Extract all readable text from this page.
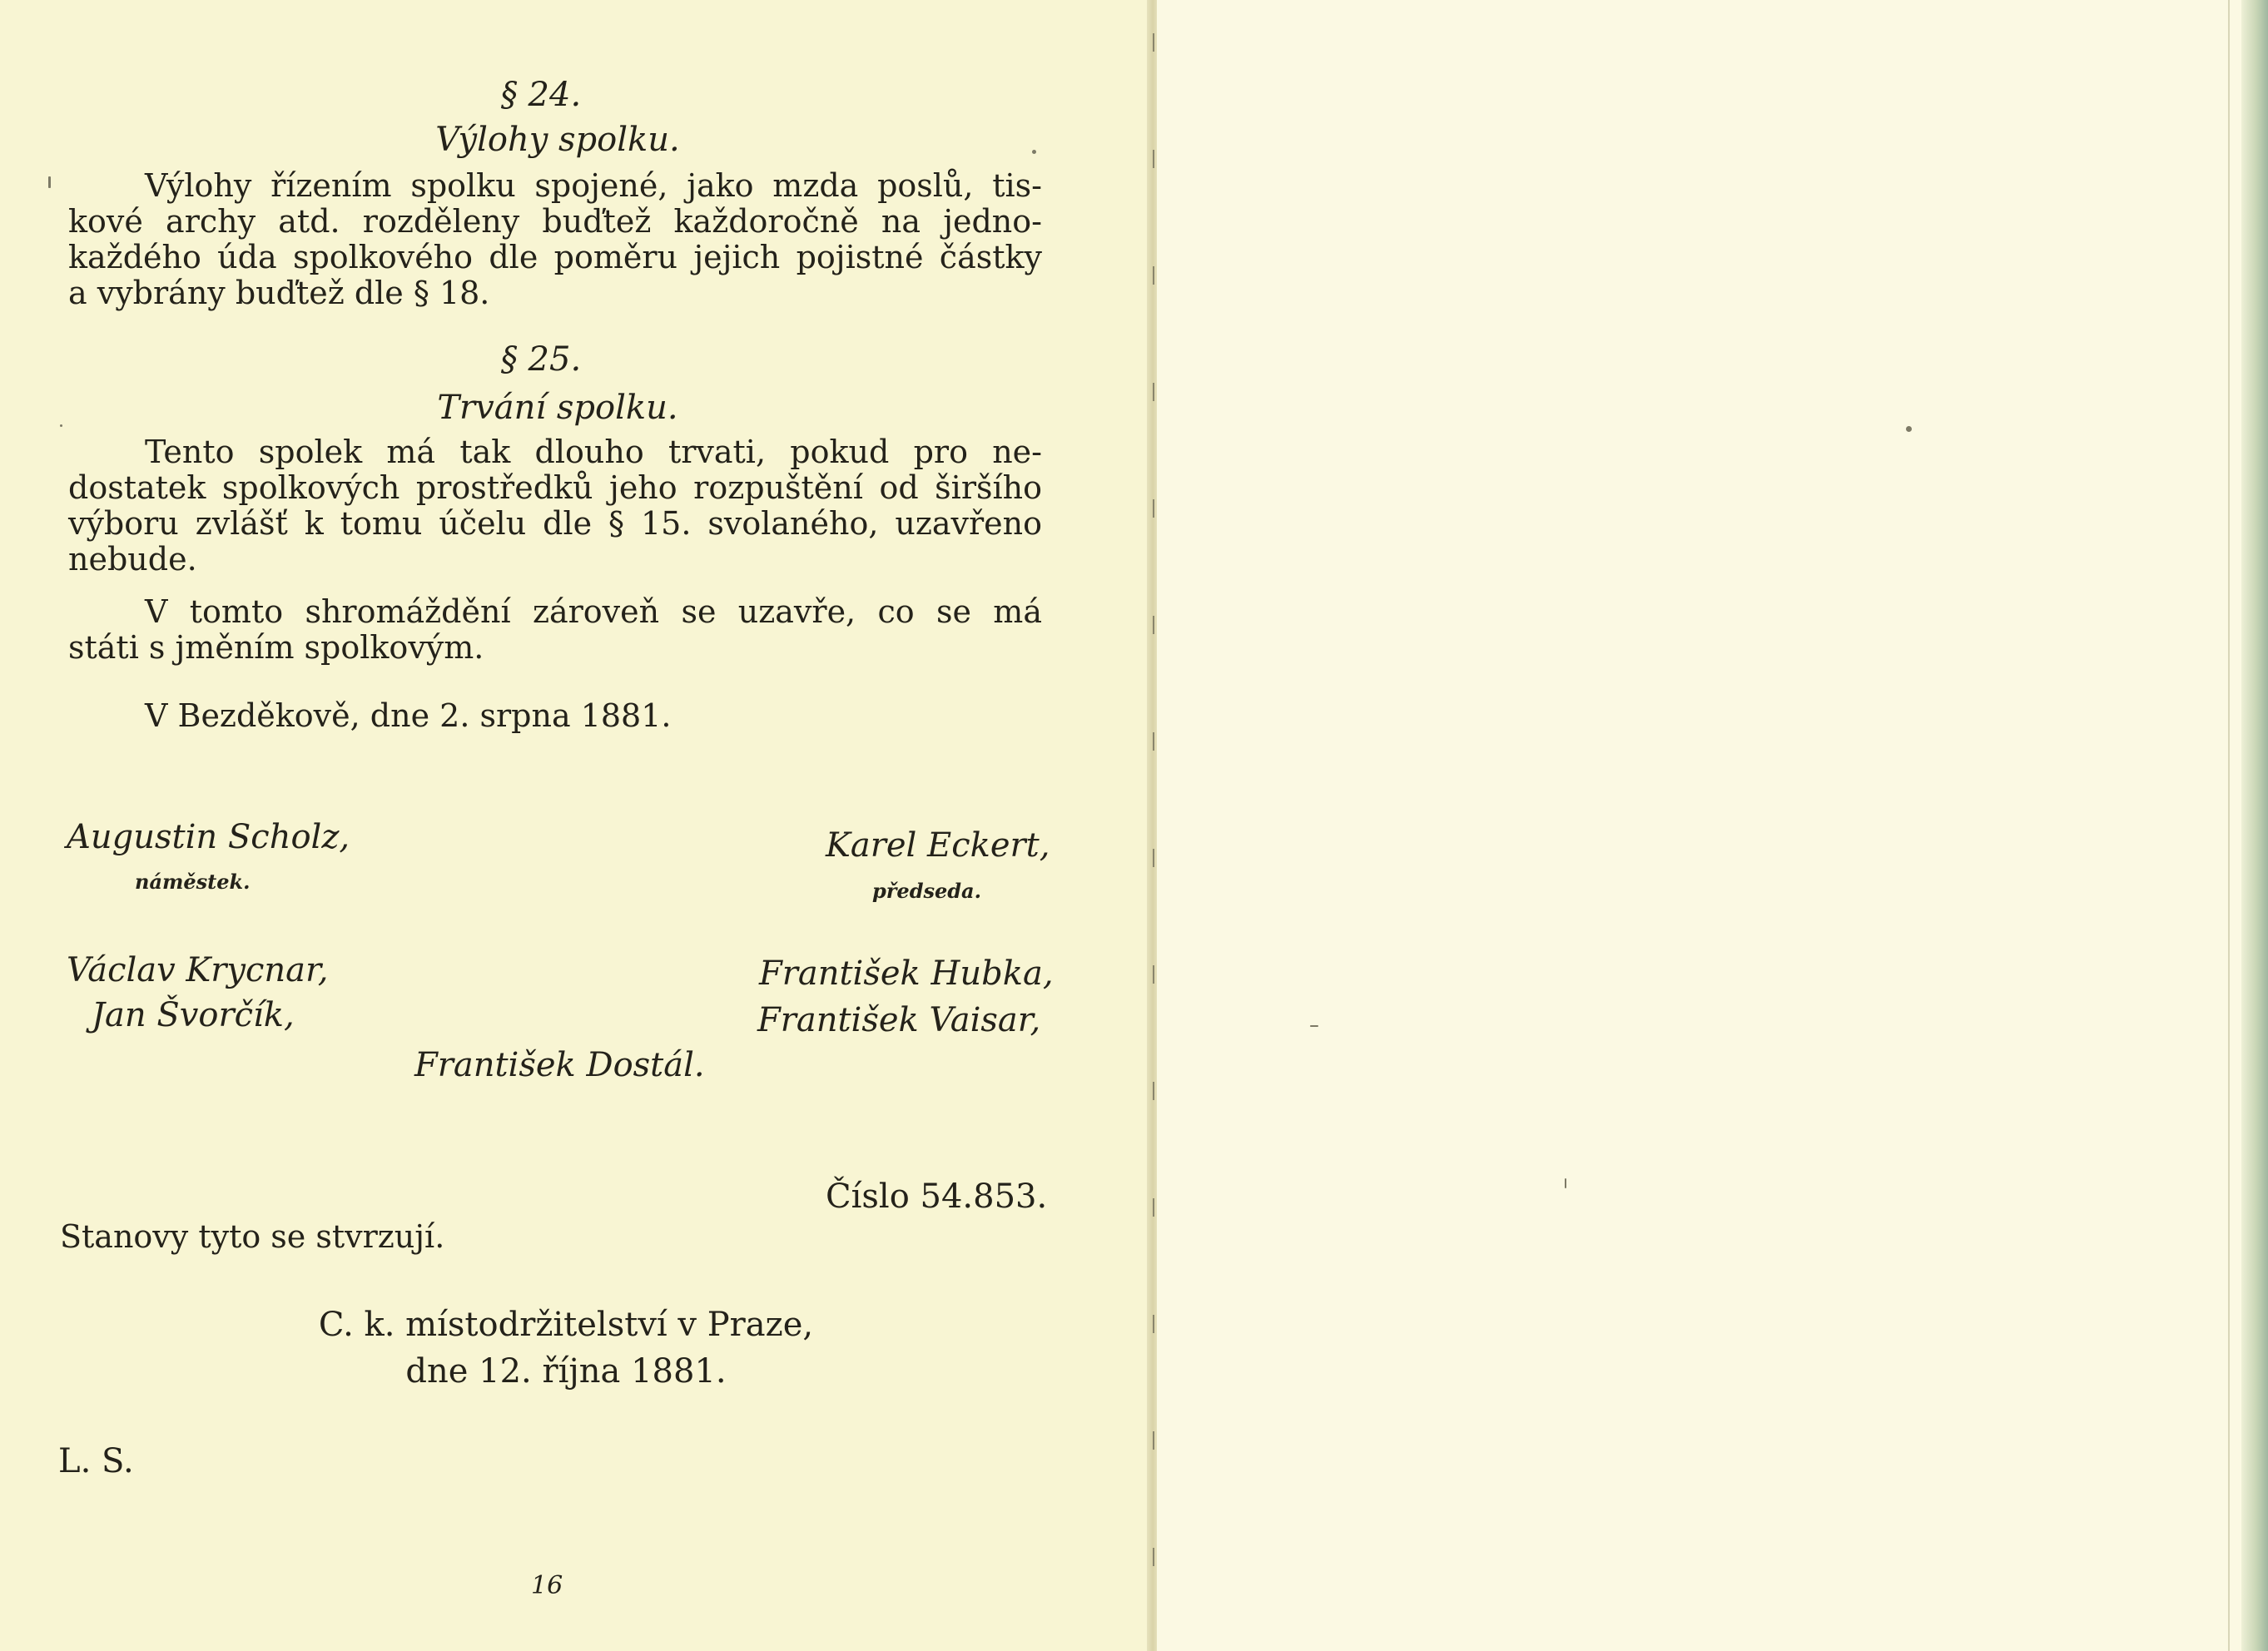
§ 24.
Výlohy spolku.
Výlohy řízením spolku spojené, jako mzda poslů, tis-
kové archy atd. rozděleny buďtež každoročně na jedno-
každého úda spolkového dle poměru jejich pojistné částky
a vybrány buďtež dle § 18.
§ 25.
Trvání spolku.
Tento spolek má tak dlouho trvati, pokud pro ne-
dostatek spolkových prostředků jeho rozpuštění od širšího
výboru zvlášť k tomu účelu dle § 15. svolaného, uzavřeno
nebude.
V tomto shromáždění zároveň se uzavře, co se má
státi s jměním spolkovým.
V Bezděkově, dne 2. srpna 1881.
Augustin Scholz,
náměstek.
Karel Eckert,
předseda.
Václav Krycnar,
Jan Švorčík,
František Hubka,
František Vaisar,
František Dostál.
Číslo 54.853.
Stanovy tyto se stvrzují.
C. k. místodržitelství v Praze,
dne 12. října 1881.
L. S.
16
